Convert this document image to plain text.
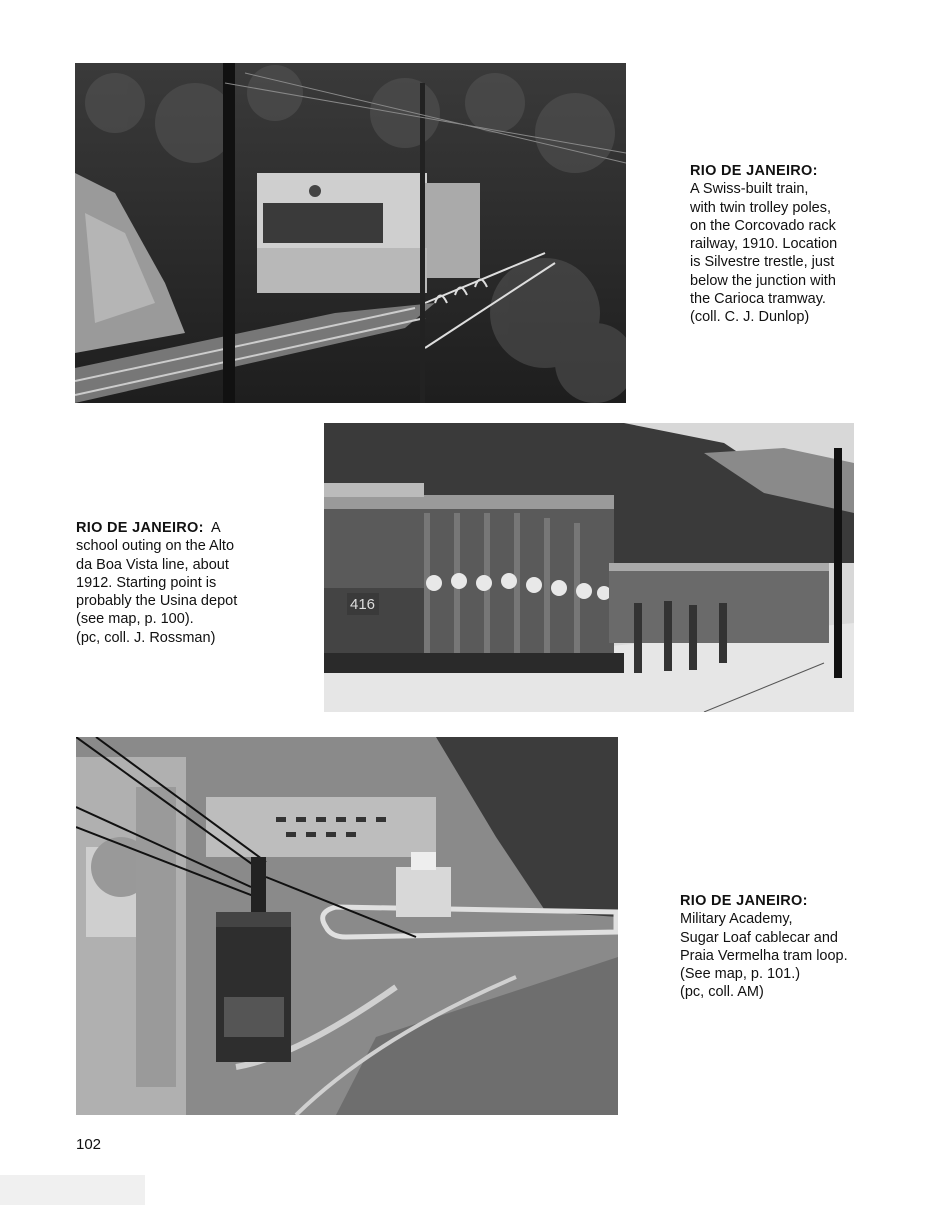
RIO DE JANEIRO:
A Swiss-built train,
with twin trolley poles,
on the Corcovado rack
railway, 1910. Location
is Silvestre trestle, just
below the junction with
the Carioca tramway.
(coll. C. J. Dunlop)
416
RIO DE JANEIRO: A
school outing on the Alto
da Boa Vista line, about
1912. Starting point is
probably the Usina depot
(see map, p. 100).
(pc, coll. J. Rossman)
RIO DE JANEIRO:
Military Academy,
Sugar Loaf cablecar and
Praia Vermelha tram loop.
(See map, p. 101.)
(pc, coll. AM)
102
